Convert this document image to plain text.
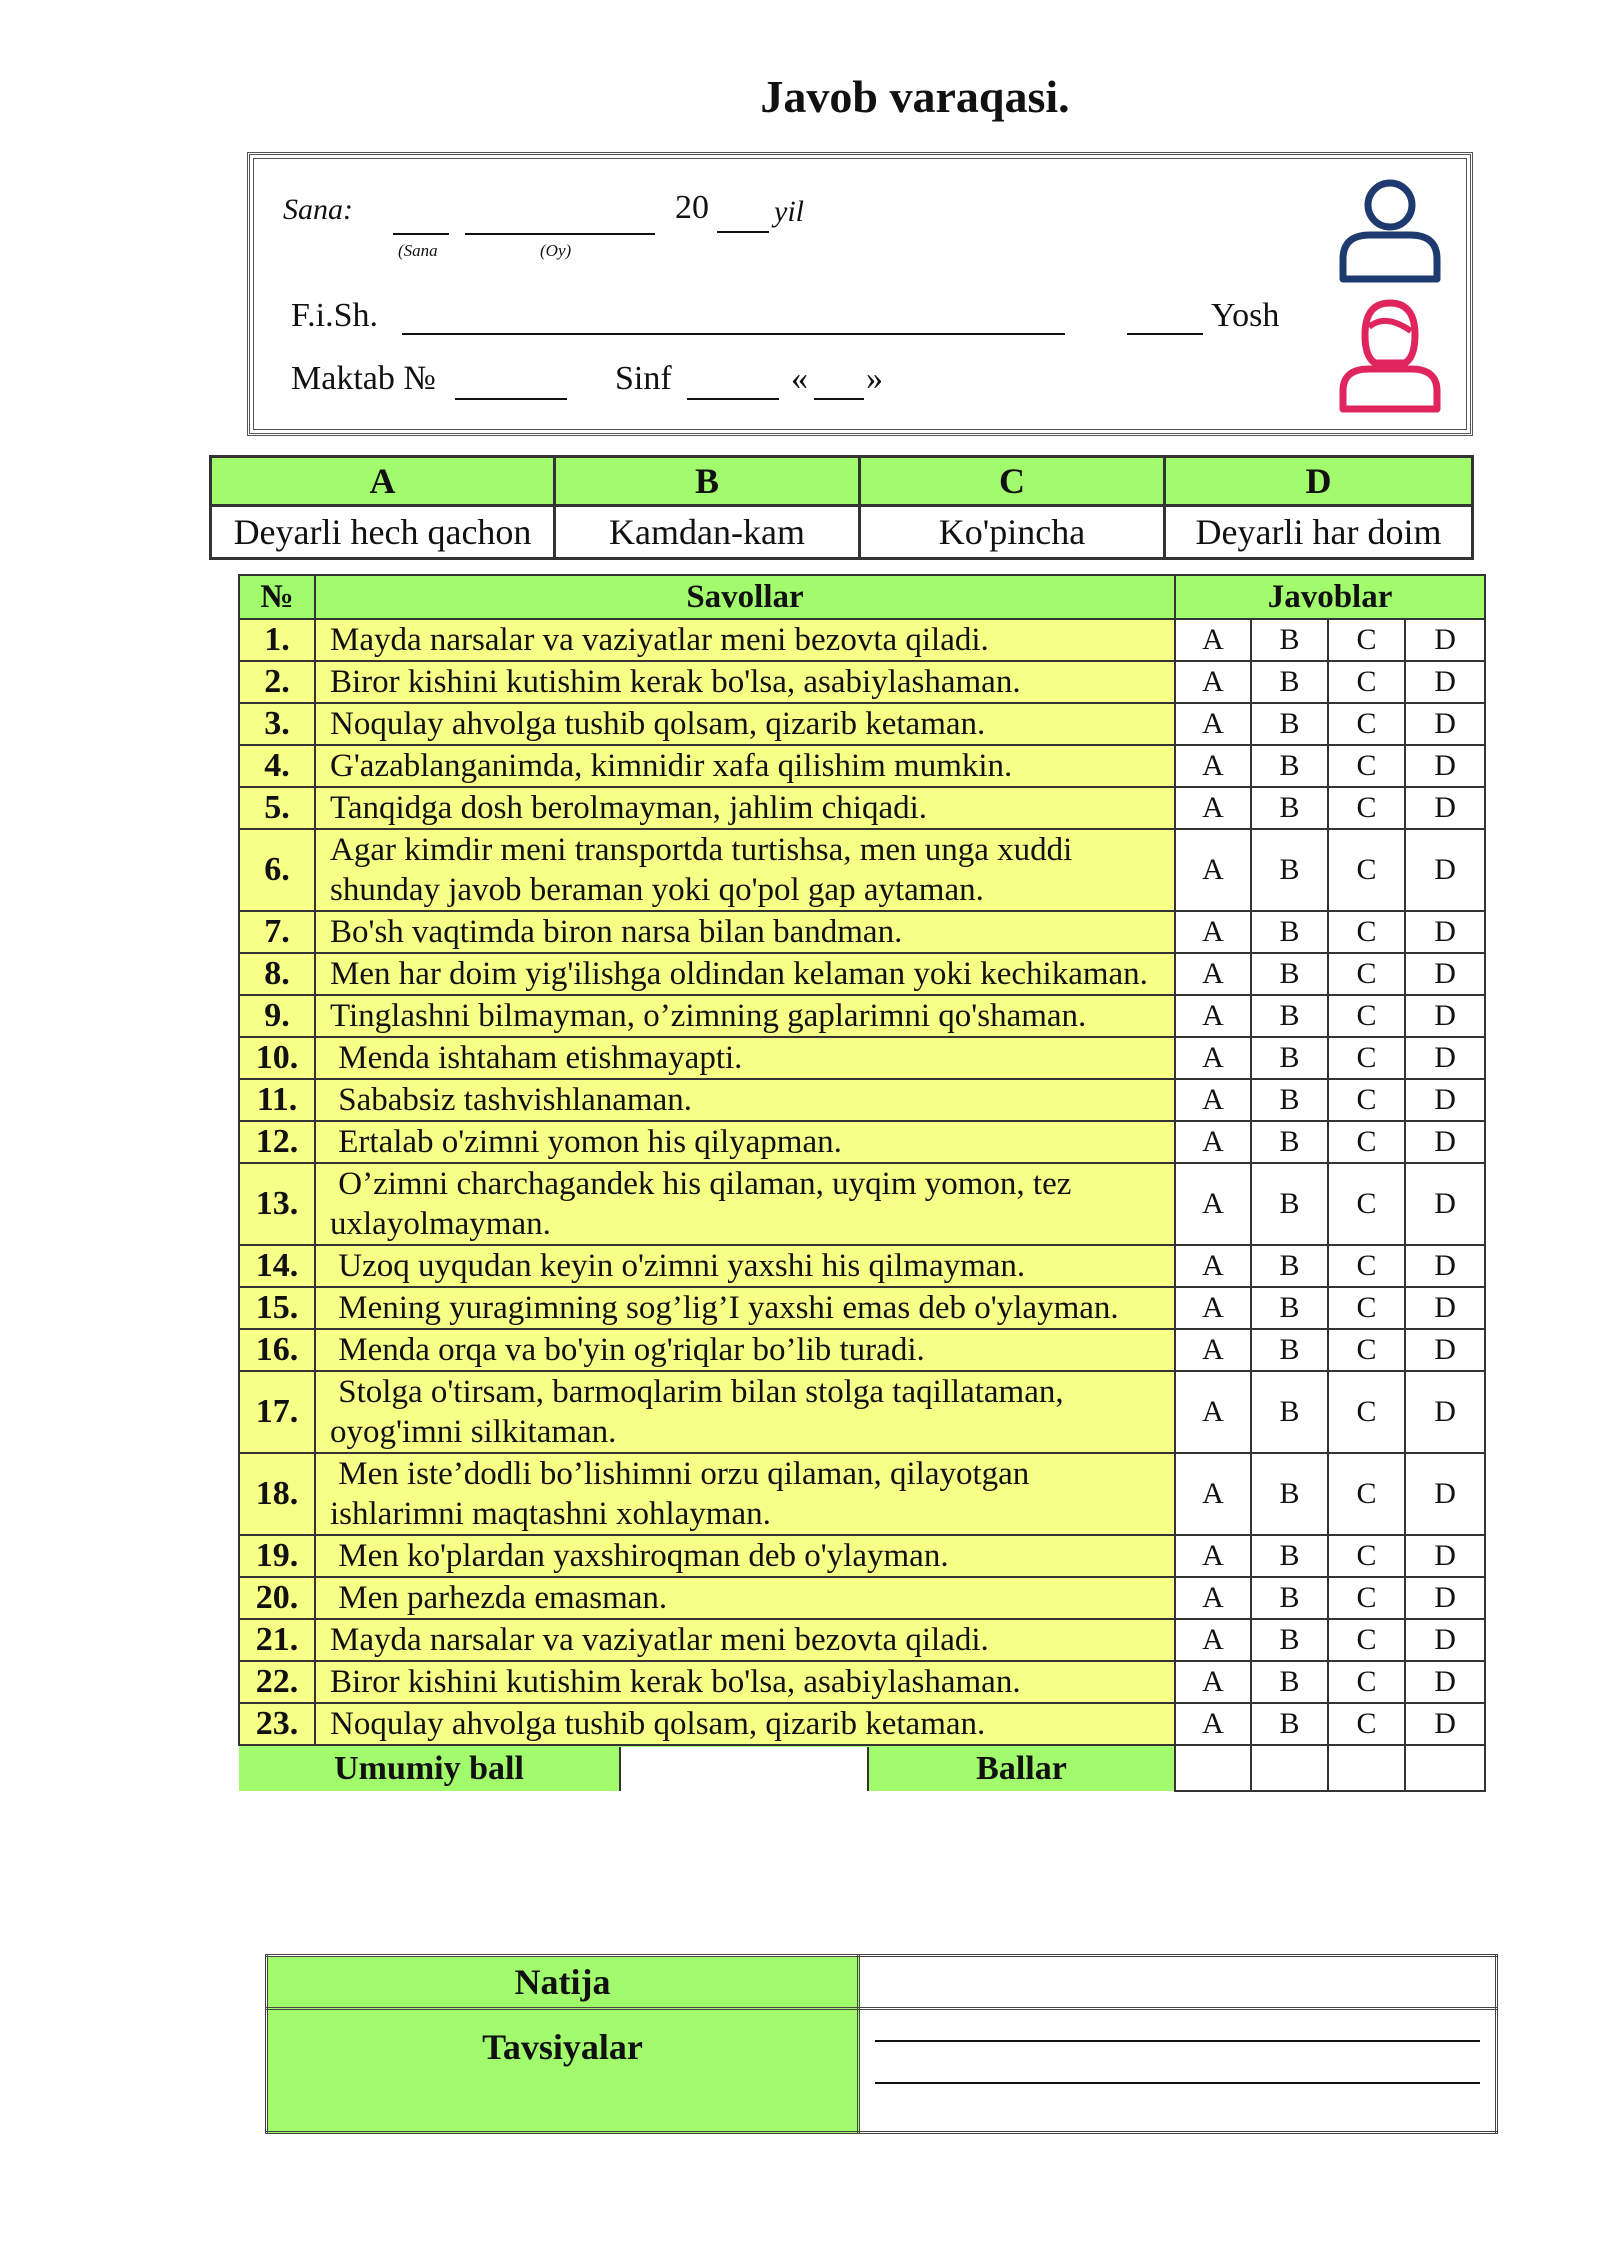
Javob varaqasi.
Sana:
(Sana	(Oy)
20 yil
F.i.Sh.	Yosh
Maktab №	Sinf	« »
A	B	C	D
Deyarli hech qachon	Kamdan-kam	Ko'pincha	Deyarli har doim
№	Savollar	Javoblar
1.	Mayda narsalar va vaziyatlar meni bezovta qiladi.	A	B	C	D
2.	Biror kishini kutishim kerak bo'lsa, asabiylashaman.	A	B	C	D
3.	Noqulay ahvolga tushib qolsam, qizarib ketaman.	A	B	C	D
4.	G'azablanganimda, kimnidir xafa qilishim mumkin.	A	B	C	D
5.	Tanqidga dosh berolmayman, jahlim chiqadi.	A	B	C	D
6.	Agar kimdir meni transportda turtishsa, men unga xuddi shunday javob beraman yoki qo'pol gap aytaman.	A	B	C	D
7.	Bo'sh vaqtimda biron narsa bilan bandman.	A	B	C	D
8.	Men har doim yig'ilishga oldindan kelaman yoki kechikaman.	A	B	C	D
9.	Tinglashni bilmayman, o’zimning gaplarimni qo'shaman.	A	B	C	D
10.	Menda ishtaham etishmayapti.	A	B	C	D
11.	Sababsiz tashvishlanaman.	A	B	C	D
12.	Ertalab o'zimni yomon his qilyapman.	A	B	C	D
13.	O’zimni charchagandek his qilaman, uyqim yomon, tez uxlayolmayman.	A	B	C	D
14.	Uzoq uyqudan keyin o'zimni yaxshi his qilmayman.	A	B	C	D
15.	Mening yuragimning sog’lig’I yaxshi emas deb o'ylayman.	A	B	C	D
16.	Menda orqa va bo'yin og'riqlar bo’lib turadi.	A	B	C	D
17.	Stolga o'tirsam, barmoqlarim bilan stolga taqillataman, oyog'imni silkitaman.	A	B	C	D
18.	Men iste’dodli bo’lishimni orzu qilaman, qilayotgan ishlarimni maqtashni xohlayman.	A	B	C	D
19.	Men ko'plardan yaxshiroqman deb o'ylayman.	A	B	C	D
20.	Men parhezda emasman.	A	B	C	D
21.	Mayda narsalar va vaziyatlar meni bezovta qiladi.	A	B	C	D
22.	Biror kishini kutishim kerak bo'lsa, asabiylashaman.	A	B	C	D
23.	Noqulay ahvolga tushib qolsam, qizarib ketaman.	A	B	C	D

Umumiy ball		Ballar

Natija	
Tavsiyalar	
